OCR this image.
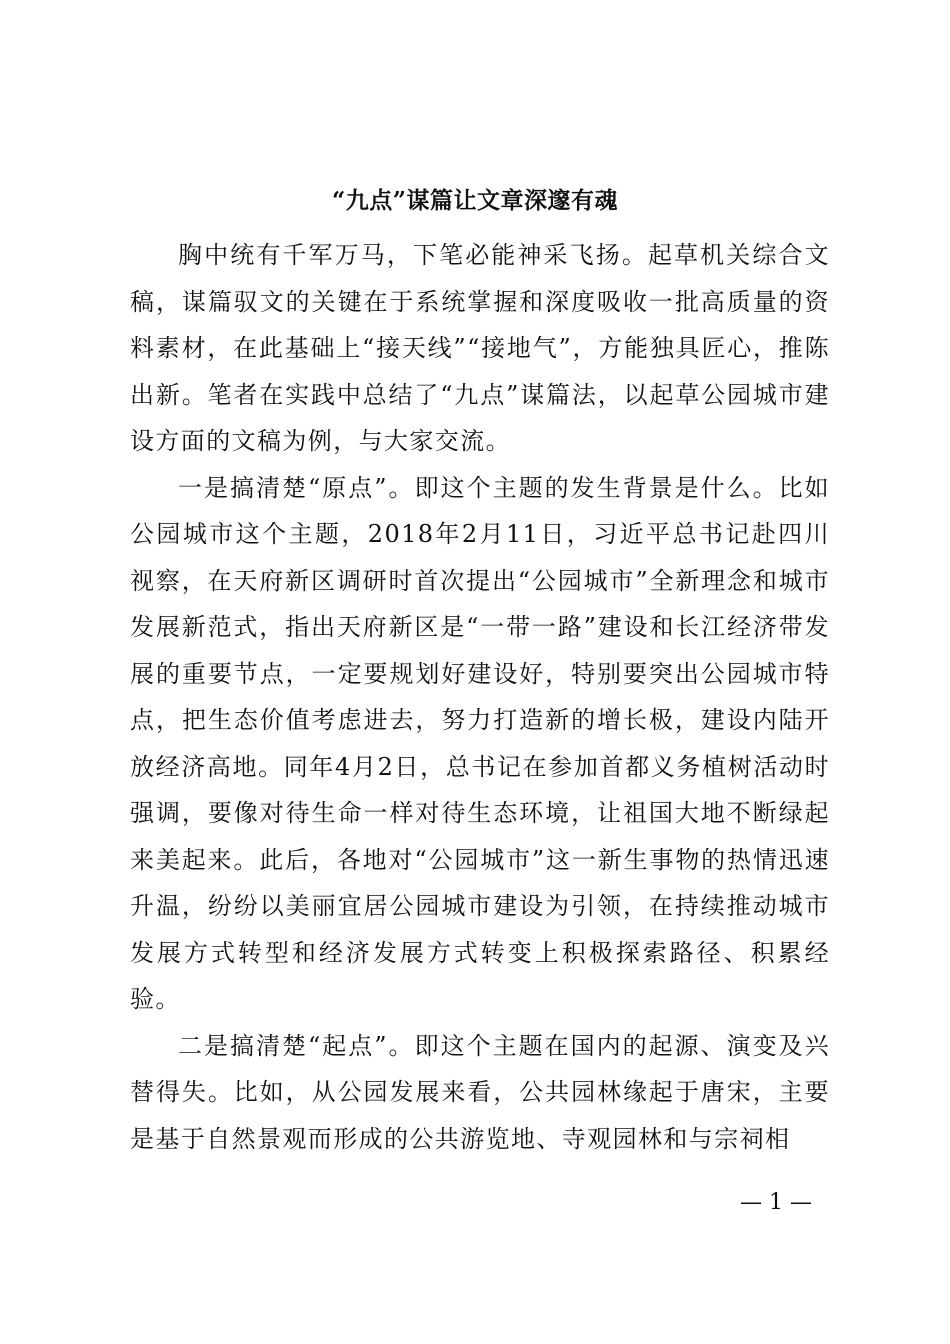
“九点”谋篇让文章深邃有魂

胸中统有千军万马，下笔必能神采飞扬。起草机关综合文稿，谋篇驭文的关键在于系统掌握和深度吸收一批高质量的资料素材，在此基础上“接天线”“接地气”，方能独具匠心，推陈出新。笔者在实践中总结了“九点”谋篇法，以起草公园城市建设方面的文稿为例，与大家交流。

一是搞清楚“原点”。即这个主题的发生背景是什么。比如公园城市这个主题，2018年2月11日，习近平总书记赴四川视察，在天府新区调研时首次提出“公园城市”全新理念和城市发展新范式，指出天府新区是“一带一路”建设和长江经济带发展的重要节点，一定要规划好建设好，特别要突出公园城市特点，把生态价值考虑进去，努力打造新的增长极，建设内陆开放经济高地。同年4月2日，总书记在参加首都义务植树活动时强调，要像对待生命一样对待生态环境，让祖国大地不断绿起来美起来。此后，各地对“公园城市”这一新生事物的热情迅速升温，纷纷以美丽宜居公园城市建设为引领，在持续推动城市发展方式转型和经济发展方式转变上积极探索路径、积累经验。

二是搞清楚“起点”。即这个主题在国内的起源、演变及兴替得失。比如，从公园发展来看，公共园林缘起于唐宋，主要是基于自然景观而形成的公共游览地、寺观园林和与宗祠相

— 1 —
